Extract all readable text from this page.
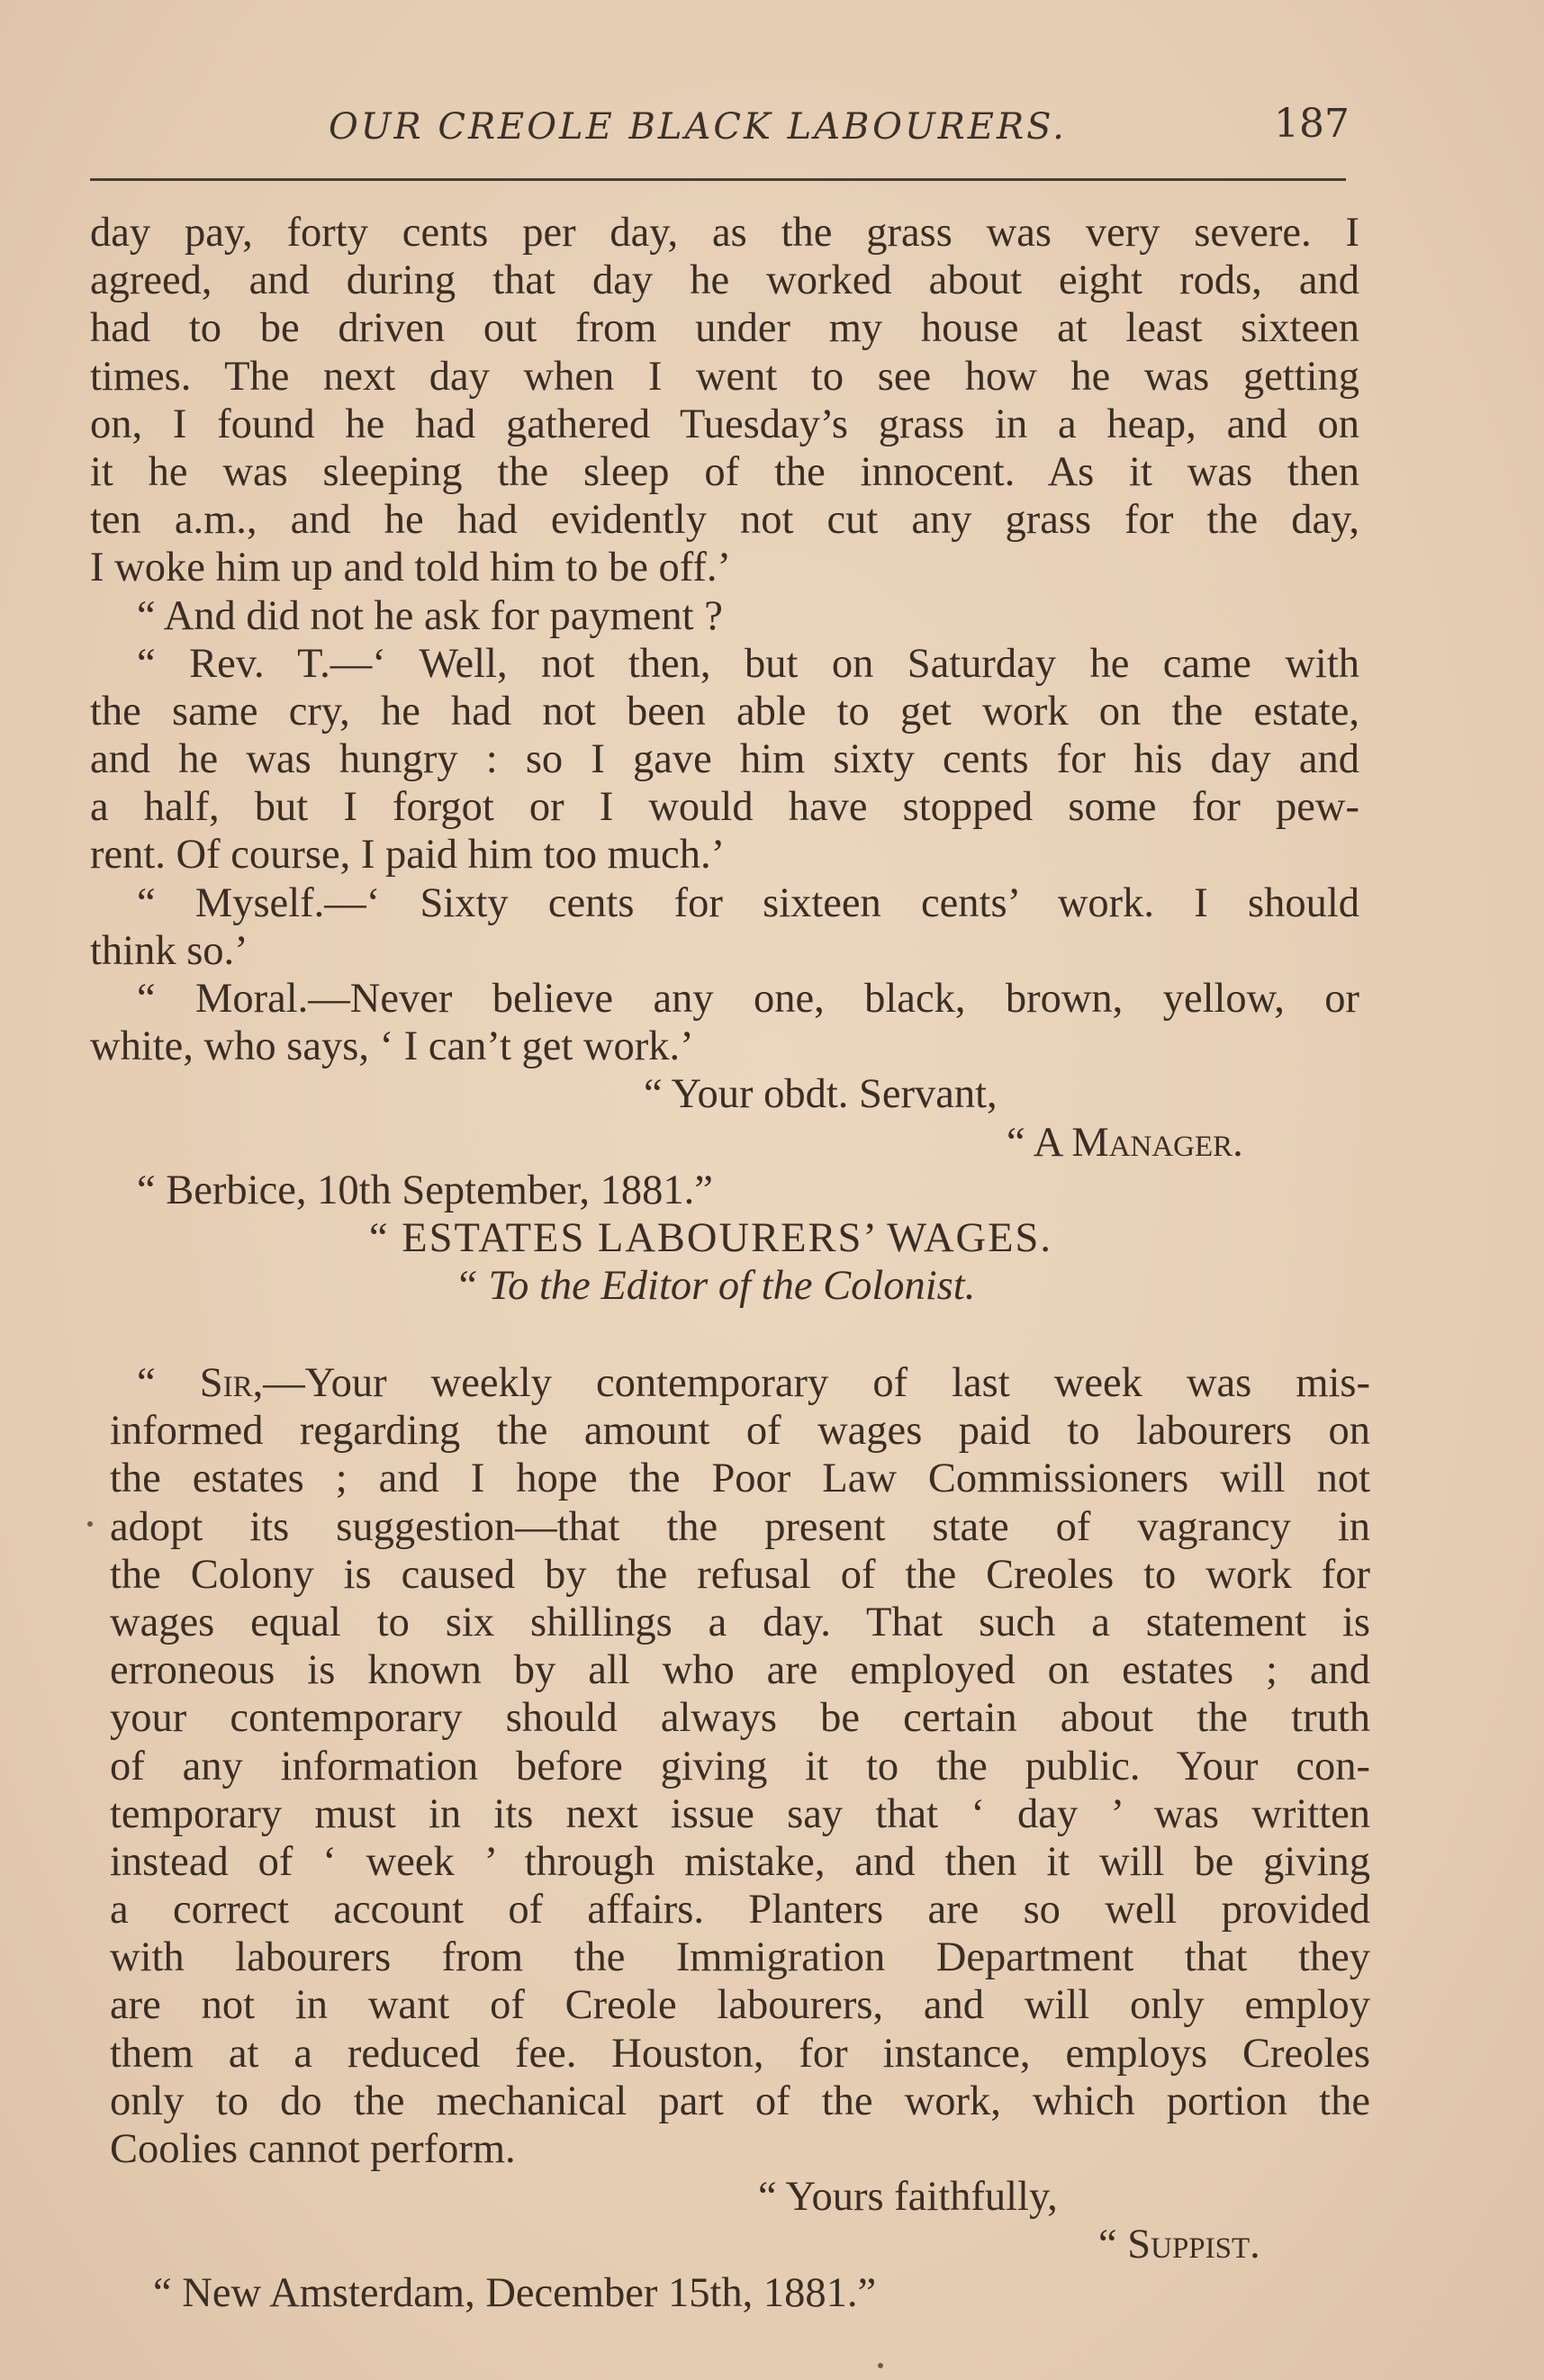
OUR CREOLE BLACK LABOURERS.	187
day pay, forty cents per day, as the grass was very severe. I
agreed, and during that day he worked about eight rods, and
had to be driven out from under my house at least sixteen
times. The next day when I went to see how he was getting
on, I found he had gathered Tuesday’s grass in a heap, and on
it he was sleeping the sleep of the innocent. As it was then
ten a.m., and he had evidently not cut any grass for the day,
I woke him up and told him to be off.’
“ And did not he ask for payment ?
“ Rev. T.—‘ Well, not then, but on Saturday he came with
the same cry, he had not been able to get work on the estate,
and he was hungry : so I gave him sixty cents for his day and
a half, but I forgot or I would have stopped some for pew-
rent. Of course, I paid him too much.’
“ Myself.—‘ Sixty cents for sixteen cents’ work. I should
think so.’
“ Moral.—Never believe any one, black, brown, yellow, or
white, who says, ‘ I can’t get work.’
“ Your obdt. Servant,
“ A Manager.
“ Berbice, 10th September, 1881.”
“ ESTATES LABOURERS’ WAGES.
“ To the Editor of the Colonist.
“ Sir,—Your weekly contemporary of last week was mis-
informed regarding the amount of wages paid to labourers on
the estates ; and I hope the Poor Law Commissioners will not
adopt its suggestion—that the present state of vagrancy in
the Colony is caused by the refusal of the Creoles to work for
wages equal to six shillings a day. That such a statement is
erroneous is known by all who are employed on estates ; and
your contemporary should always be certain about the truth
of any information before giving it to the public. Your con-
temporary must in its next issue say that ‘ day ’ was written
instead of ‘ week ’ through mistake, and then it will be giving
a correct account of affairs. Planters are so well provided
with labourers from the Immigration Department that they
are not in want of Creole labourers, and will only employ
them at a reduced fee. Houston, for instance, employs Creoles
only to do the mechanical part of the work, which portion the
Coolies cannot perform.
“ Yours faithfully,
“ Suppist.
“ New Amsterdam, December 15th, 1881.”
